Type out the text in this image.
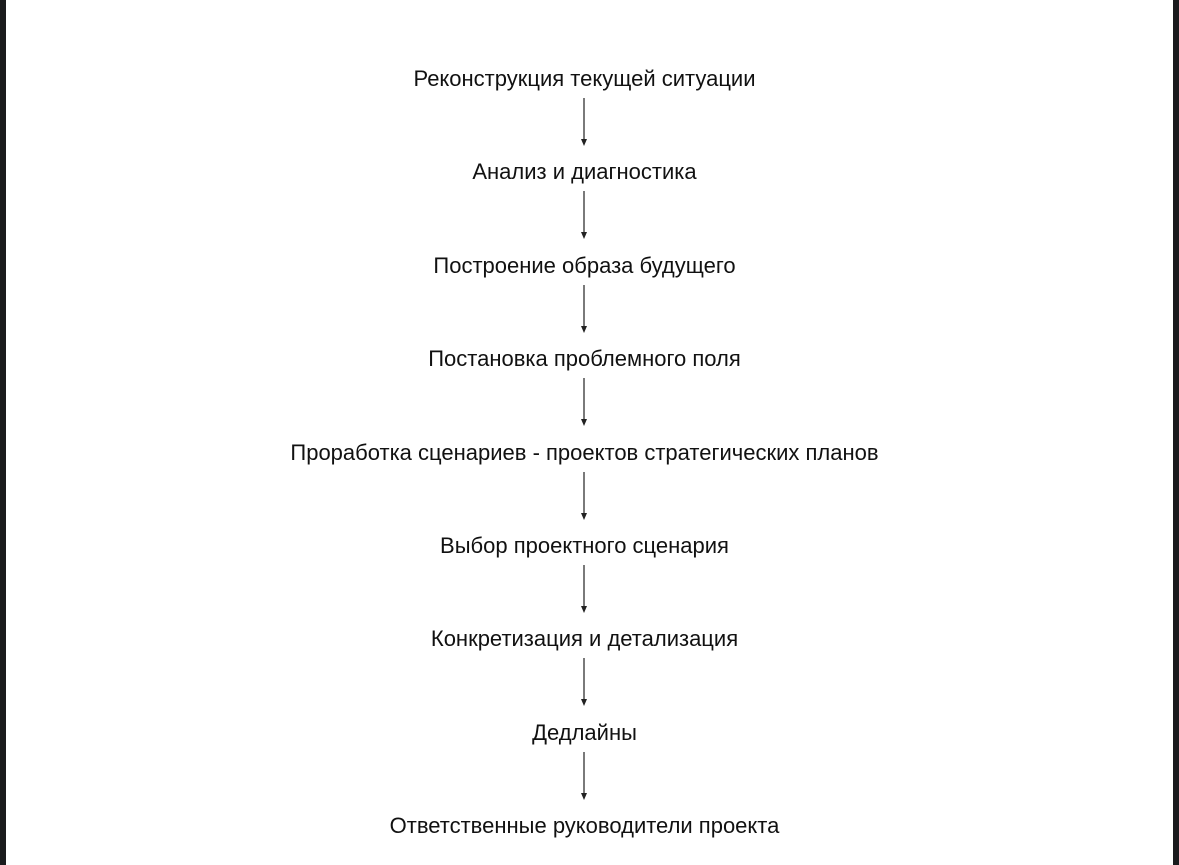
Реконструкция текущей ситуации
Анализ и диагностика
Построение образа будущего
Постановка проблемного поля
Проработка сценариев - проектов стратегических планов
Выбор проектного сценария
Конкретизация и детализация
Дедлайны
Ответственные руководители проекта
